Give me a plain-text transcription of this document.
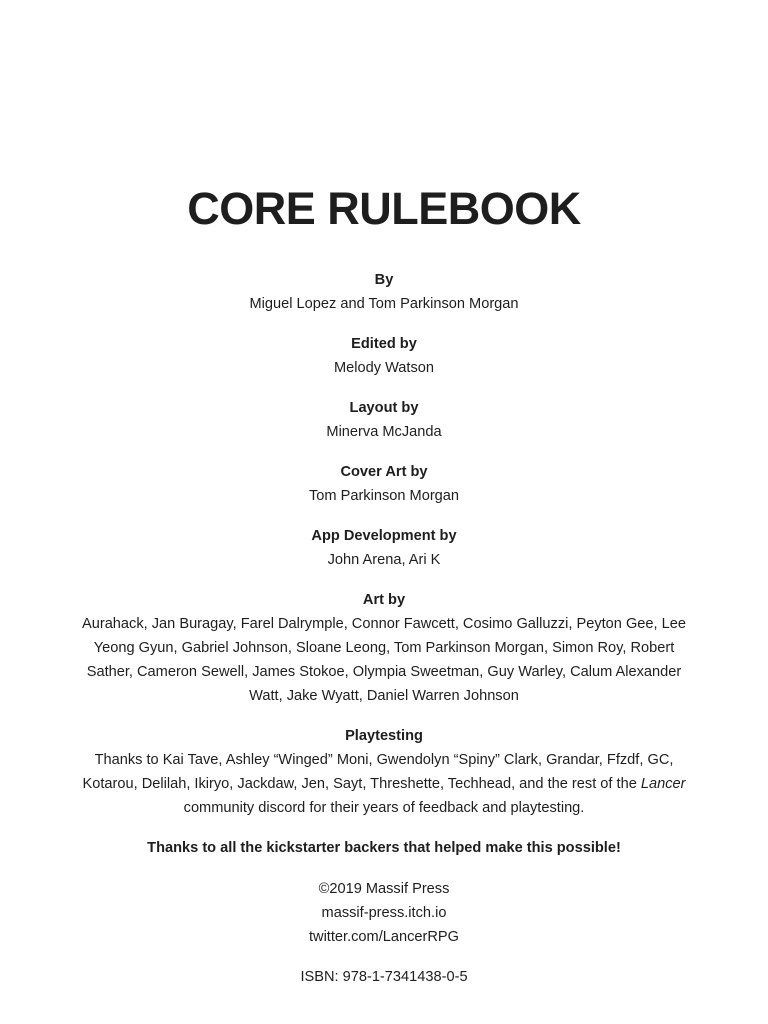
CORE RULEBOOK

By

Miguel Lopez and Tom Parkinson Morgan

Edited by

Melody Watson

Layout by

Minerva McJanda

Cover Art by

Tom Parkinson Morgan

App Development by

John Arena, Ari K

Art by

Aurahack, Jan Buragay, Farel Dalrymple, Connor Fawcett, Cosimo Galluzzi, Peyton Gee, Lee Yeong Gyun, Gabriel Johnson, Sloane Leong, Tom Parkinson Morgan, Simon Roy, Robert Sather, Cameron Sewell, James Stokoe, Olympia Sweetman, Guy Warley, Calum Alexander Watt, Jake Wyatt, Daniel Warren Johnson

Playtesting

Thanks to Kai Tave, Ashley “Winged” Moni, Gwendolyn “Spiny” Clark, Grandar, Ffzdf, GC, Kotarou, Delilah, Ikiryo, Jackdaw, Jen, Sayt, Threshette, Techhead, and the rest of the Lancer community discord for their years of feedback and playtesting.

Thanks to all the kickstarter backers that helped make this possible!

©2019 Massif Press

massif-press.itch.io

twitter.com/LancerRPG

ISBN: 978-1-7341438-0-5
